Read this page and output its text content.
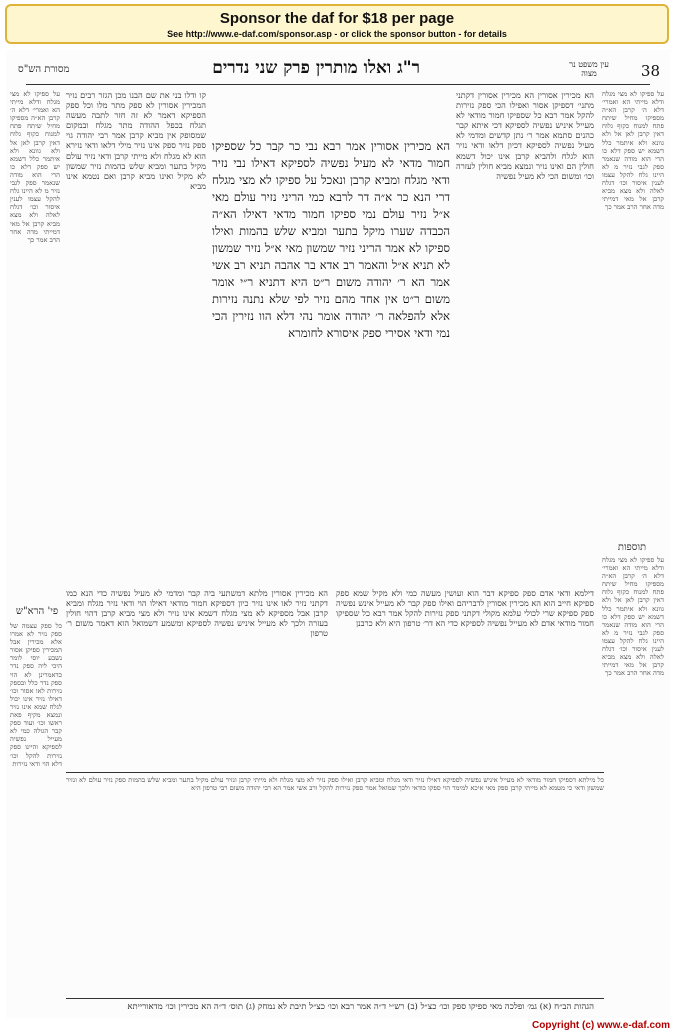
Sponsor the daf for $18 per page
See http://www.e-daf.com/sponsor.asp - or click the sponsor button - for details
38
עין משפט נר מצוה
ר"ג ואלו מותרין פרק שני נדרים
מסורת הש"ס
על ספיקו לא מצי מגלח ודלא מייתי הא ואמרי׳ דלא ה׳ קרבן הא״ה מספיקו מחיל שיתח פתח למנוח כקוף גלוח דאין קרבן לאן אל ולא גוונא ולא איתמר כלל דשמא יש ספק דלא כו הרי הוא מודה שנאמר ספק לגבי נזיר מ לא היינו גלח להקל עצמו לענין איסור וכו׳ דגלח לאלה ולא מצא מביא קרבן אל מאי דמייתי מדה אחר הרב אמר כך
הא מכירין אסורין הא מכירין אסורין דקתני מתני׳ דספיקן אסור ואפילו הכי ספק נזירות להקל אמר רבא כל שספיקו חמור מודאי לא מעייל איניש נפשיה לספיקא דכי איתא קבר כהנים סתמא אמר ר׳ נתן קדשים ומדמי לא מעיל נפשיה לספיקא דכיון דלאו ודאי נזיר הוא לגלח ולהביא קרבן אינו יכול דשמא חולין הם ואינו נזיר ונמצא מביא חולין לעזרה וכו׳ ומשום הכי לא מעיל נפשיה
הא מכירין אסורין אמר רבא נבי כר קבר כל שספיקו חמור מדאי לא מעיל נפשיה לספיקא דאילו נבי נזיר ודאי מגלח ומביא קרבן ונאכל על ספיקו לא מצי מגלח דרי הנא כר א״ה דר לרבא כמי הריני נזיר עולם מאי א״ל נזיר עולם נמי ספיקו חמור מדאי דאילו הא״ה הכבדה שערו מיקל בתער ומביא שלש בהמות ואילו ספיקו לא אמר הריני נזיר שמשון מאי א״ל נזיר שמשון לא תניא א״ל והאמר רב אדא בר אהבה תניא רב אשי אמר הא ר׳ יהודה משום ר״ט היא דתניא ר״י אומר משום ר״ט אין אחד מהם נזיר לפי שלא נתנה נזירות אלא להפלאה ר׳ יהודה אומר נהי דלא הוו נזירין הכי נמי ודאי אסירי ספק איסורא לחומרא
קו ודלו בני את שם הבנו מכן הגזר רבים נזיר המכירין אסורין לא ספק מתר מלו וכל ספק הספיקא דאמר לא זה חזר לתבה מעשה תגלח בכפל ההודה מתר מגלח ובמקום שמסופק אין מביא קרבן אמר רבי יהודה גוי ספק נזיר ספק אינו נזיר מילי דלאו ודאי נזירא הוא לא מגלח ולא מייתי קרבן ודאי נזיר עולם מקיל בתער ומביא שלש בהמות נזיר שמשון לא מקיל ואינו מביא קרבן ואם נטמא אינו מביא
על ספיקו לא מצי מגלח ודלא מייתי הא ואמרי׳ דלא ה׳ קרבן הא״ה מספיקו מחיל שיתח פתח למנוח כקוף גלוח דאין קרבן לאן אל ולא גוונא ולא איתמר כלל דשמא יש ספק דלא כו הרי הוא מודה שנאמר ספק לגבי נזיר מ לא היינו גלח להקל עצמו לענין איסור וכו׳ דגלח לאלה ולא מצא מביא קרבן אל מאי דמייתי מדה אחר הרב אמר כך
תוספות
על ספיקו לא מצי מגלח ודלא מייתי הא ואמרי׳ דלא ה׳ קרבן הא״ה מספיקו מחיל שיתח פתח למנוח כקוף גלוח דאין קרבן לאן אל ולא גוונא ולא איתמר כלל דשמא יש ספק דלא כו הרי הוא מודה שנאמר ספק לגבי נזיר מ לא היינו גלח להקל עצמו לענין איסור וכו׳ דגלח לאלה ולא מצא מביא קרבן אל מאי דמייתי מדה אחר הרב אמר כך
דילמא ודאי אדם ספק ספיקא דבר הוא ועושין מעשה כמי ולא מקיל שמא ספק ספיקא חייב הוא הא מכירין אסורין לדבריהם ואילו ספק קבר לא מעייל אינש נפשיה ספק ספיקא שרי לכולי עלמא מקולי דקתני ספק נזירות להקל אמר רבא כל שספיקו חמור מודאי אדם לא מעייל נפשיה לספיקא כדי הא דר׳ טרפון היא ולא כרבנן
הא מכירין אסורין מלתא דמשתעי ביה קבר ומדמי לא מעיל נפשיה כדי הנא כמו דקתני נזיר לאו אינו נזיר כיון דספיקא חמור מודאי דאילו הוי ודאי נזיר מגלח ומביא קרבן אבל מספיקא לא מצי מגלח דשמא אינו נזיר ולא מצי מביא קרבן דהוי חולין בעזרה ולכך לא מעייל איניש נפשיה לספיקא ומשמע דשמואל הוא דאמר משום ר׳ טרפון
פי' הרא"ש
כל ספק עצמה של ספק נזיר לא אמרו אלא מכירין אבל המכירין ספיקן אסור נשבע יוסי לומר היכי ליה ספק נדר כדאמרינן לא הוי ספק נדר כלל ובספק נזירות לאו אסור וכו׳ דאילו נזיר אינו יכול לגלח שמא אינו נזיר ונמצא מקיף פאת ראשו וכו׳ ועוד ספק קבר הגולה כמי לא מעייל נפשיה לספיקא והיינו ספק נזירות להקל וכו׳ דלא הוי ודאי נזירות
כל מילתא דספיקו חמור מודאי לא מעייל איניש נפשיה לספיקא דאילו נזיר ודאי מגלח ומביא קרבן ואילו ספק נזיר לא מצי מגלח ולא מייתי קרבן ונזיר עולם מקיל בתער ומביא שלש בהמות ספק נזיר עולם לא ונזיר שמשון ודאי כי מטמא לא מייתי קרבן ספק מאי איכא למימר הוי ספקו כודאי ולכך שמואל אמר ספק נזירות להקל ורב אשי אמר הא רבי יהודה משום רבי טרפון היא
הגהות הב״ח (א) גמ׳ ופלכה מאי ספיקו ספק וכו׳ כצ״ל (ב) רש״י ד״ה אמר רבא וכו׳ כצ״ל תיבת לא נמחק (ג) תוס׳ ד״ה הא מכירין וכו׳ מדאורייתא
Copyright (c) www.e-daf.com
